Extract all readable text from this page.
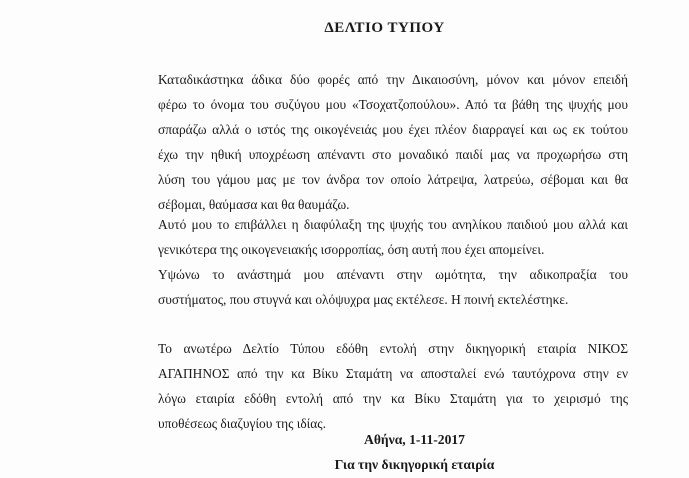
ΔΕΛΤΙΟ ΤΥΠΟΥ
Καταδικάστηκα άδικα δύο φορές από την Δικαιοσύνη, μόνον και μόνον επειδή
φέρω το όνομα του συζύγου μου «Τσοχατζοπούλου». Από τα βάθη της ψυχής μου
σπαράζω αλλά ο ιστός της οικογένειάς μου έχει πλέον διαρραγεί και ως εκ τούτου
έχω την ηθική υποχρέωση απέναντι στο μοναδικό παιδί μας να προχωρήσω στη
λύση του γάμου μας με τον άνδρα τον οποίο λάτρεψα, λατρεύω, σέβομαι και θα
σέβομαι, θαύμασα και θα θαυμάζω.
Αυτό μου το επιβάλλει η διαφύλαξη της ψυχής του ανηλίκου παιδιού μου αλλά και
γενικότερα της οικογενειακής ισορροπίας, όση αυτή που έχει απομείνει.
Υψώνω το ανάστημά μου απέναντι στην ωμότητα, την αδικοπραξία του
συστήματος, που στυγνά και ολόψυχρα μας εκτέλεσε. Η ποινή εκτελέστηκε.
Το ανωτέρω Δελτίο Τύπου εδόθη εντολή στην δικηγορική εταιρία ΝΙΚΟΣ
ΑΓΑΠΗΝΟΣ από την κα Βίκυ Σταμάτη να αποσταλεί ενώ ταυτόχρονα στην εν
λόγω εταιρία εδόθη εντολή από την κα Βίκυ Σταμάτη για το χειρισμό της
υποθέσεως διαζυγίου της ιδίας.
Αθήνα, 1-11-2017
Για την δικηγορική εταιρία
